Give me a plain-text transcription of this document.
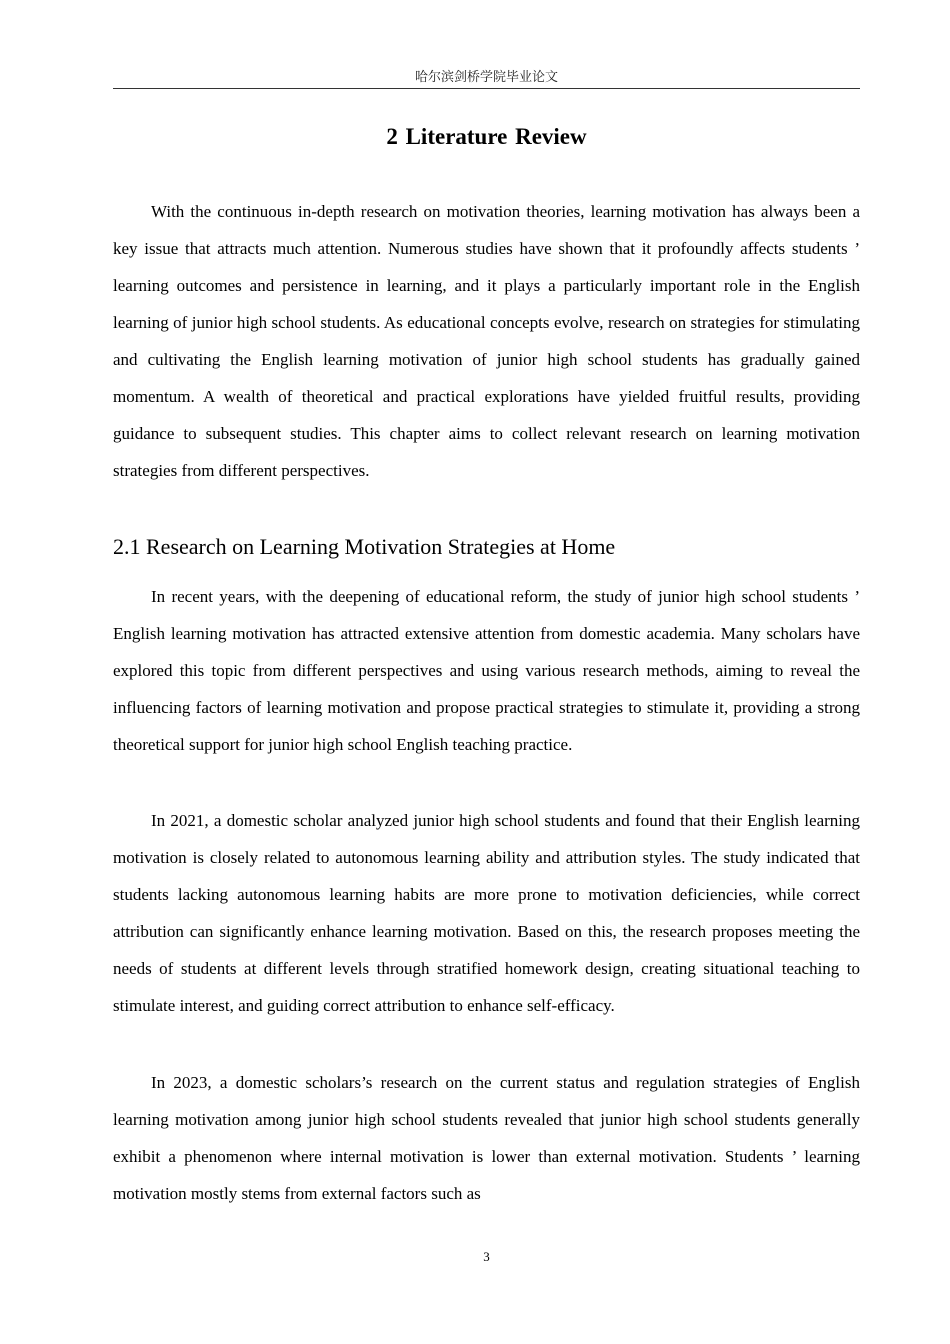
哈尔滨剑桥学院毕业论文
2 Literature Review

With the continuous in-depth research on motivation theories, learning motivation has always been a key issue that attracts much attention. Numerous studies have shown that it profoundly affects students ’ learning outcomes and persistence in learning, and it plays a particularly important role in the English learning of junior high school students. As educational concepts evolve, research on strategies for stimulating and cultivating the English learning motivation of junior high school students has gradually gained momentum. A wealth of theoretical and practical explorations have yielded fruitful results, providing guidance to subsequent studies. This chapter aims to collect relevant research on learning motivation strategies from different perspectives.

2.1 Research on Learning Motivation Strategies at Home

In recent years, with the deepening of educational reform, the study of junior high school students ’ English learning motivation has attracted extensive attention from domestic academia. Many scholars have explored this topic from different perspectives and using various research methods, aiming to reveal the influencing factors of learning motivation and propose practical strategies to stimulate it, providing a strong theoretical support for junior high school English teaching practice.

In 2021, a domestic scholar analyzed junior high school students and found that their English learning motivation is closely related to autonomous learning ability and attribution styles. The study indicated that students lacking autonomous learning habits are more prone to motivation deficiencies, while correct attribution can significantly enhance learning motivation. Based on this, the research proposes meeting the needs of students at different levels through stratified homework design, creating situational teaching to stimulate interest, and guiding correct attribution to enhance self-efficacy.

In 2023, a domestic scholars’s research on the current status and regulation strategies of English learning motivation among junior high school students revealed that junior high school students generally exhibit a phenomenon where internal motivation is lower than external motivation. Students ’ learning motivation mostly stems from external factors such as

3
